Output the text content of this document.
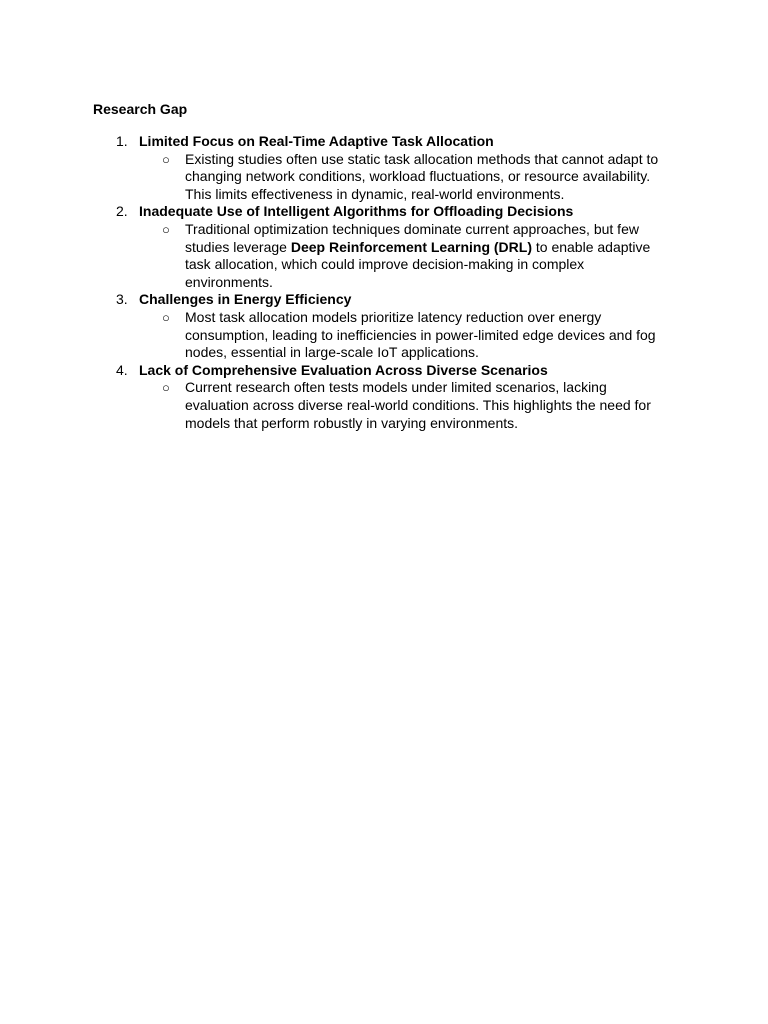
Research Gap
1. Limited Focus on Real-Time Adaptive Task Allocation
○ Existing studies often use static task allocation methods that cannot adapt to
changing network conditions, workload fluctuations, or resource availability.
This limits effectiveness in dynamic, real-world environments.
2. Inadequate Use of Intelligent Algorithms for Offloading Decisions
○ Traditional optimization techniques dominate current approaches, but few
studies leverage Deep Reinforcement Learning (DRL) to enable adaptive
task allocation, which could improve decision-making in complex
environments.
3. Challenges in Energy Efficiency
○ Most task allocation models prioritize latency reduction over energy
consumption, leading to inefficiencies in power-limited edge devices and fog
nodes, essential in large-scale IoT applications.
4. Lack of Comprehensive Evaluation Across Diverse Scenarios
○ Current research often tests models under limited scenarios, lacking
evaluation across diverse real-world conditions. This highlights the need for
models that perform robustly in varying environments.
